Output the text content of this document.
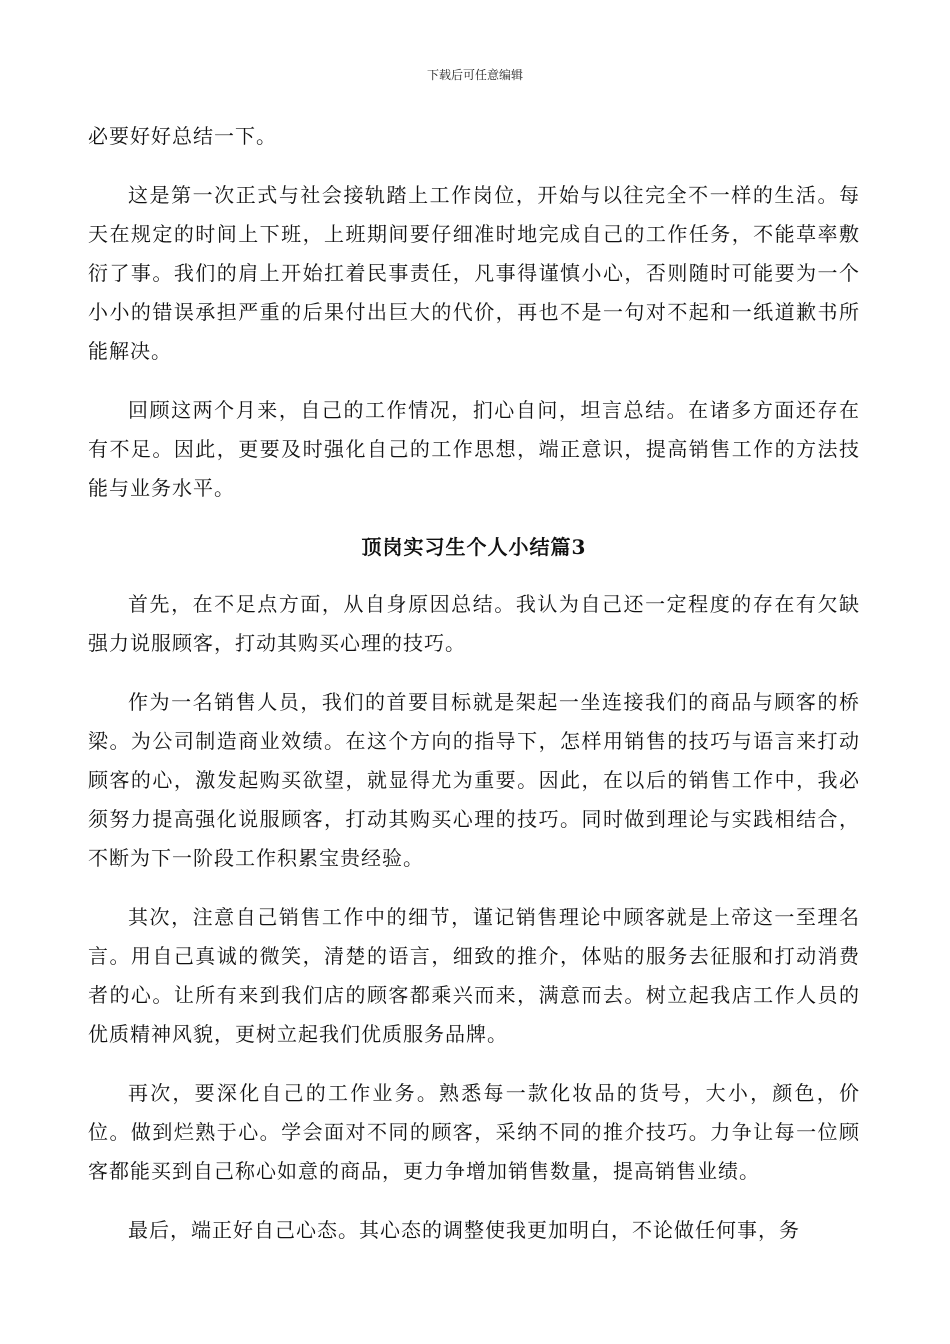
下载后可任意编辑

必要好好总结一下。

这是第一次正式与社会接轨踏上工作岗位，开始与以往完全不一样的生活。每天在规定的时间上下班，上班期间要仔细准时地完成自己的工作任务，不能草率敷衍了事。我们的肩上开始扛着民事责任，凡事得谨慎小心，否则随时可能要为一个小小的错误承担严重的后果付出巨大的代价，再也不是一句对不起和一纸道歉书所能解决。

回顾这两个月来，自己的工作情况，扪心自问，坦言总结。在诸多方面还存在有不足。因此，更要及时强化自己的工作思想，端正意识，提高销售工作的方法技能与业务水平。

顶岗实习生个人小结篇3

首先，在不足点方面，从自身原因总结。我认为自己还一定程度的存在有欠缺强力说服顾客，打动其购买心理的技巧。

作为一名销售人员，我们的首要目标就是架起一坐连接我们的商品与顾客的桥梁。为公司制造商业效绩。在这个方向的指导下，怎样用销售的技巧与语言来打动顾客的心，激发起购买欲望，就显得尤为重要。因此，在以后的销售工作中，我必须努力提高强化说服顾客，打动其购买心理的技巧。同时做到理论与实践相结合，不断为下一阶段工作积累宝贵经验。

其次，注意自己销售工作中的细节，谨记销售理论中顾客就是上帝这一至理名言。用自己真诚的微笑，清楚的语言，细致的推介，体贴的服务去征服和打动消费者的心。让所有来到我们店的顾客都乘兴而来，满意而去。树立起我店工作人员的优质精神风貌，更树立起我们优质服务品牌。

再次，要深化自己的工作业务。熟悉每一款化妆品的货号，大小，颜色，价位。做到烂熟于心。学会面对不同的顾客，采纳不同的推介技巧。力争让每一位顾客都能买到自己称心如意的商品，更力争增加销售数量，提高销售业绩。

最后，端正好自己心态。其心态的调整使我更加明白，不论做任何事，务
